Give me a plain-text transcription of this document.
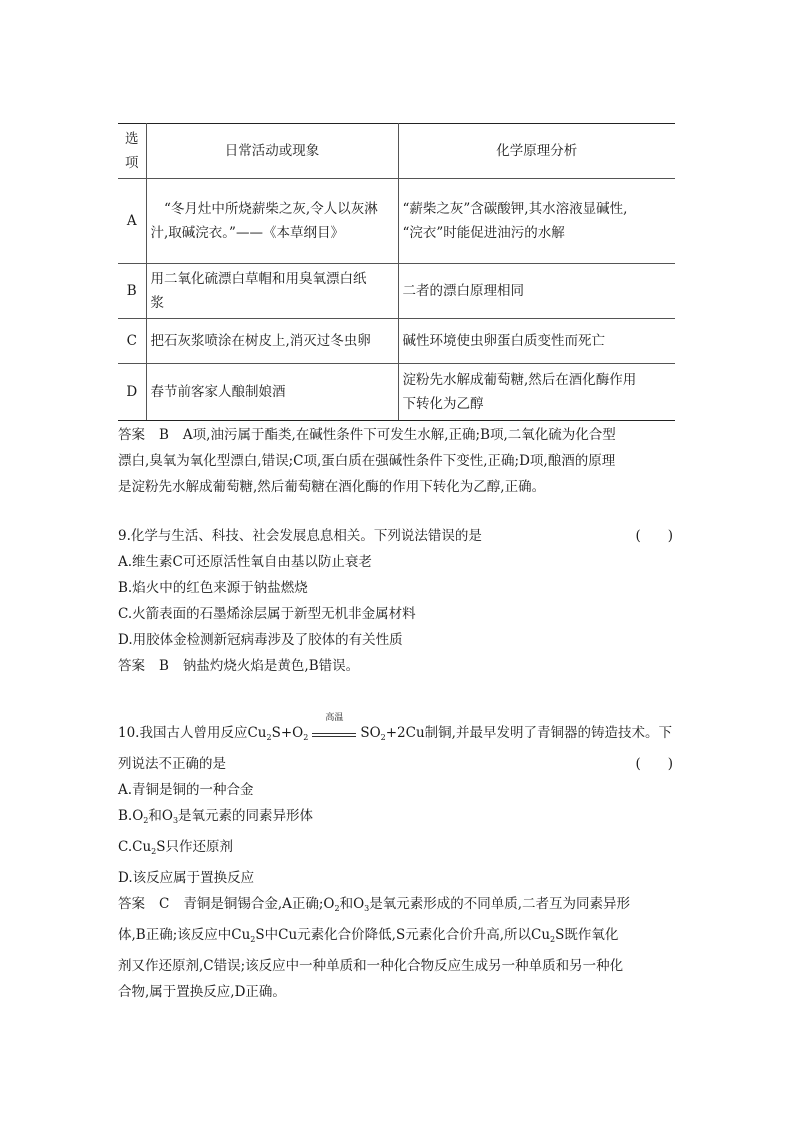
选
项	日常活动或现象	化学原理分析
A	“冬月灶中所烧薪柴之灰,令人以灰淋
汁,取碱浣衣。”——《本草纲目》	“薪柴之灰”含碳酸钾,其水溶液显碱性,
“浣衣”时能促进油污的水解

B	用二氧化硫漂白草帽和用臭氧漂白纸
浆	二者的漂白原理相同

C	把石灰浆喷涂在树皮上,消灭过冬虫卵	碱性环境使虫卵蛋白质变性而死亡

D	春节前客家人酿制娘酒	淀粉先水解成葡萄糖,然后在酒化酶作用
下转化为乙醇
答案 B A项,油污属于酯类,在碱性条件下可发生水解,正确;B项,二氧化硫为化合型
漂白,臭氧为氧化型漂白,错误;C项,蛋白质在强碱性条件下变性,正确;D项,酿酒的原理
是淀粉先水解成葡萄糖,然后葡萄糖在酒化酶的作用下转化为乙醇,正确。
9.化学与生活、科技、社会发展息息相关。下列说法错误的是	(　　)
A.维生素C可还原活性氧自由基以防止衰老
B.焰火中的红色来源于钠盐燃烧
C.火箭表面的石墨烯涂层属于新型无机非金属材料
D.用胶体金检测新冠病毒涉及了胶体的有关性质
答案 B 钠盐灼烧火焰是黄色,B错误。
10.我国古人曾用反应$Cu_2S+O_2$
高温
$SO_2+2Cu$制铜,并最早发明了青铜器的铸造技术。下
列说法不正确的是	(　　)
A.青铜是铜的一种合金
$B.O_2$和$O_3$是氧元素的同素异形体
$C.Cu_2S$只作还原剂
D.该反应属于置换反应
答案 C 青铜是铜锡合金,A正确$;O_2$和$O_3$是氧元素形成的不同单质,二者互为同素异形
体,B正确;该反应中$Cu_2S$中Cu元素化合价降低,S元素化合价升高,所以$Cu_2S$既作氧化
剂又作还原剂,C错误;该反应中一种单质和一种化合物反应生成另一种单质和另一种化
合物,属于置换反应,D正确。
